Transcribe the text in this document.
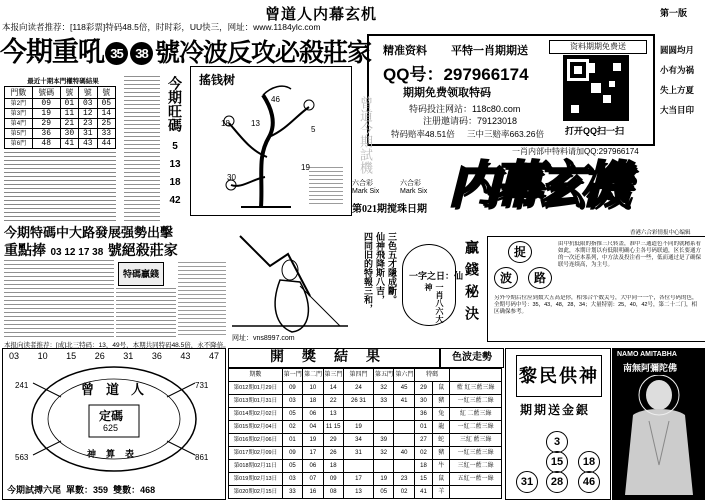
曾道人内幕玄机	第一版
本报向读者推荐：[118彩票]特码48.5倍，时时彩，UU快三，网址：www.1184ylc.com
今期重吼 35 38 號冷波反攻必殺莊家
最近十期本門權特碼結果
門數	號碼	號	號	號
第2門	09	01	03	05
第3門	19	11	12	14
第4門	29	21	23	25
第5門	36	30	31	33
第6門	48	41	43	44
今期旺碼
5
13
18
42
搖钱树
46
18	13
5
30
19
精准资料 平特一肖期期送
QQ号：297966174
期期免费领取特码
特码投注网站：118c80.com
注册邀请码：79123018
特码赔率48.51倍 三中三赔率663.26倍
资料期期免费送
打开QQ扫一扫
圆圆均月
小有为祸
失上方夏
大当目印
曾道今期試機	一肖内部中特料请加QQ:297966174
内幕玄機
香港六合彩情报中心编辑
六合彩 Mark Six
六合彩 Mark Six
第021期搅珠日期
今期特碼中大路發展强勢出擊
重點捧 03 12 17 38 號絕殺莊家
特碼贏錢	四同旧的特報三和， 仙神飛降斯八吉， 三色五才隱成斷。 一字之日：仙
一肖八六大神	贏錢秘決	捉
波	路
由中抗低限的指推三尺转盖，准中三通道色不同的就精系看如此，本期计划以有低限明确心主各号码联通，区长要通方的一次还本系列，中方法及投注看一些，低而通过是了确保联号连续高，为主号。
另外今期后位应到数大五高是你，相邻合个数关号，大中同一一个，各位号码的色，全期号码中号：35，43，48，28，34；大量特别：25，40，42号，第二十二门，相区确保参考。
本报向读者推荐：[成]北三特码：13，49号，本期共同特码48.5倍，永不降倍。
网址：vns8997.com
03 10 15 26 31 36 43 47
241	731
563	861
曾道人
定碼
625
神算表
今期試搏六尾 單數：359 雙數：468
開獎結果	色波走勢
期數	第一門	第二門	第三門	第四門	第五門	第六門	特碼		
第012期01月29日	09	10	14	24	32	45	29	鼠	藍 紅三藍三綠
第013期01月31日	03	18	22	26 31	33	41	30	豬	一紅三藍二綠
第014期02月02日	05	06	13				36	兔	紅 二藍三綠
第015期02月04日	02	04	11 15	19			01	龍	一紅二藍三綠
第016期02月06日	01	19	29	34	39		27	蛇	三紅 藍三綠
第017期02月09日	09	17	26	31	32	40	02	豬	一紅三藍三綠
第018期02月11日	05	06	18				18	牛	三紅一藍二綠
第019期02月13日	03	07	09	17	19	23	15	鼠	五紅一藍一綠
第020期02月15日	33	16	08	13	05	02	41	羊	
黎民供神
期期送金銀
3
15
28
31	46
18
NAMO AMITABHA
南無阿彌陀佛
